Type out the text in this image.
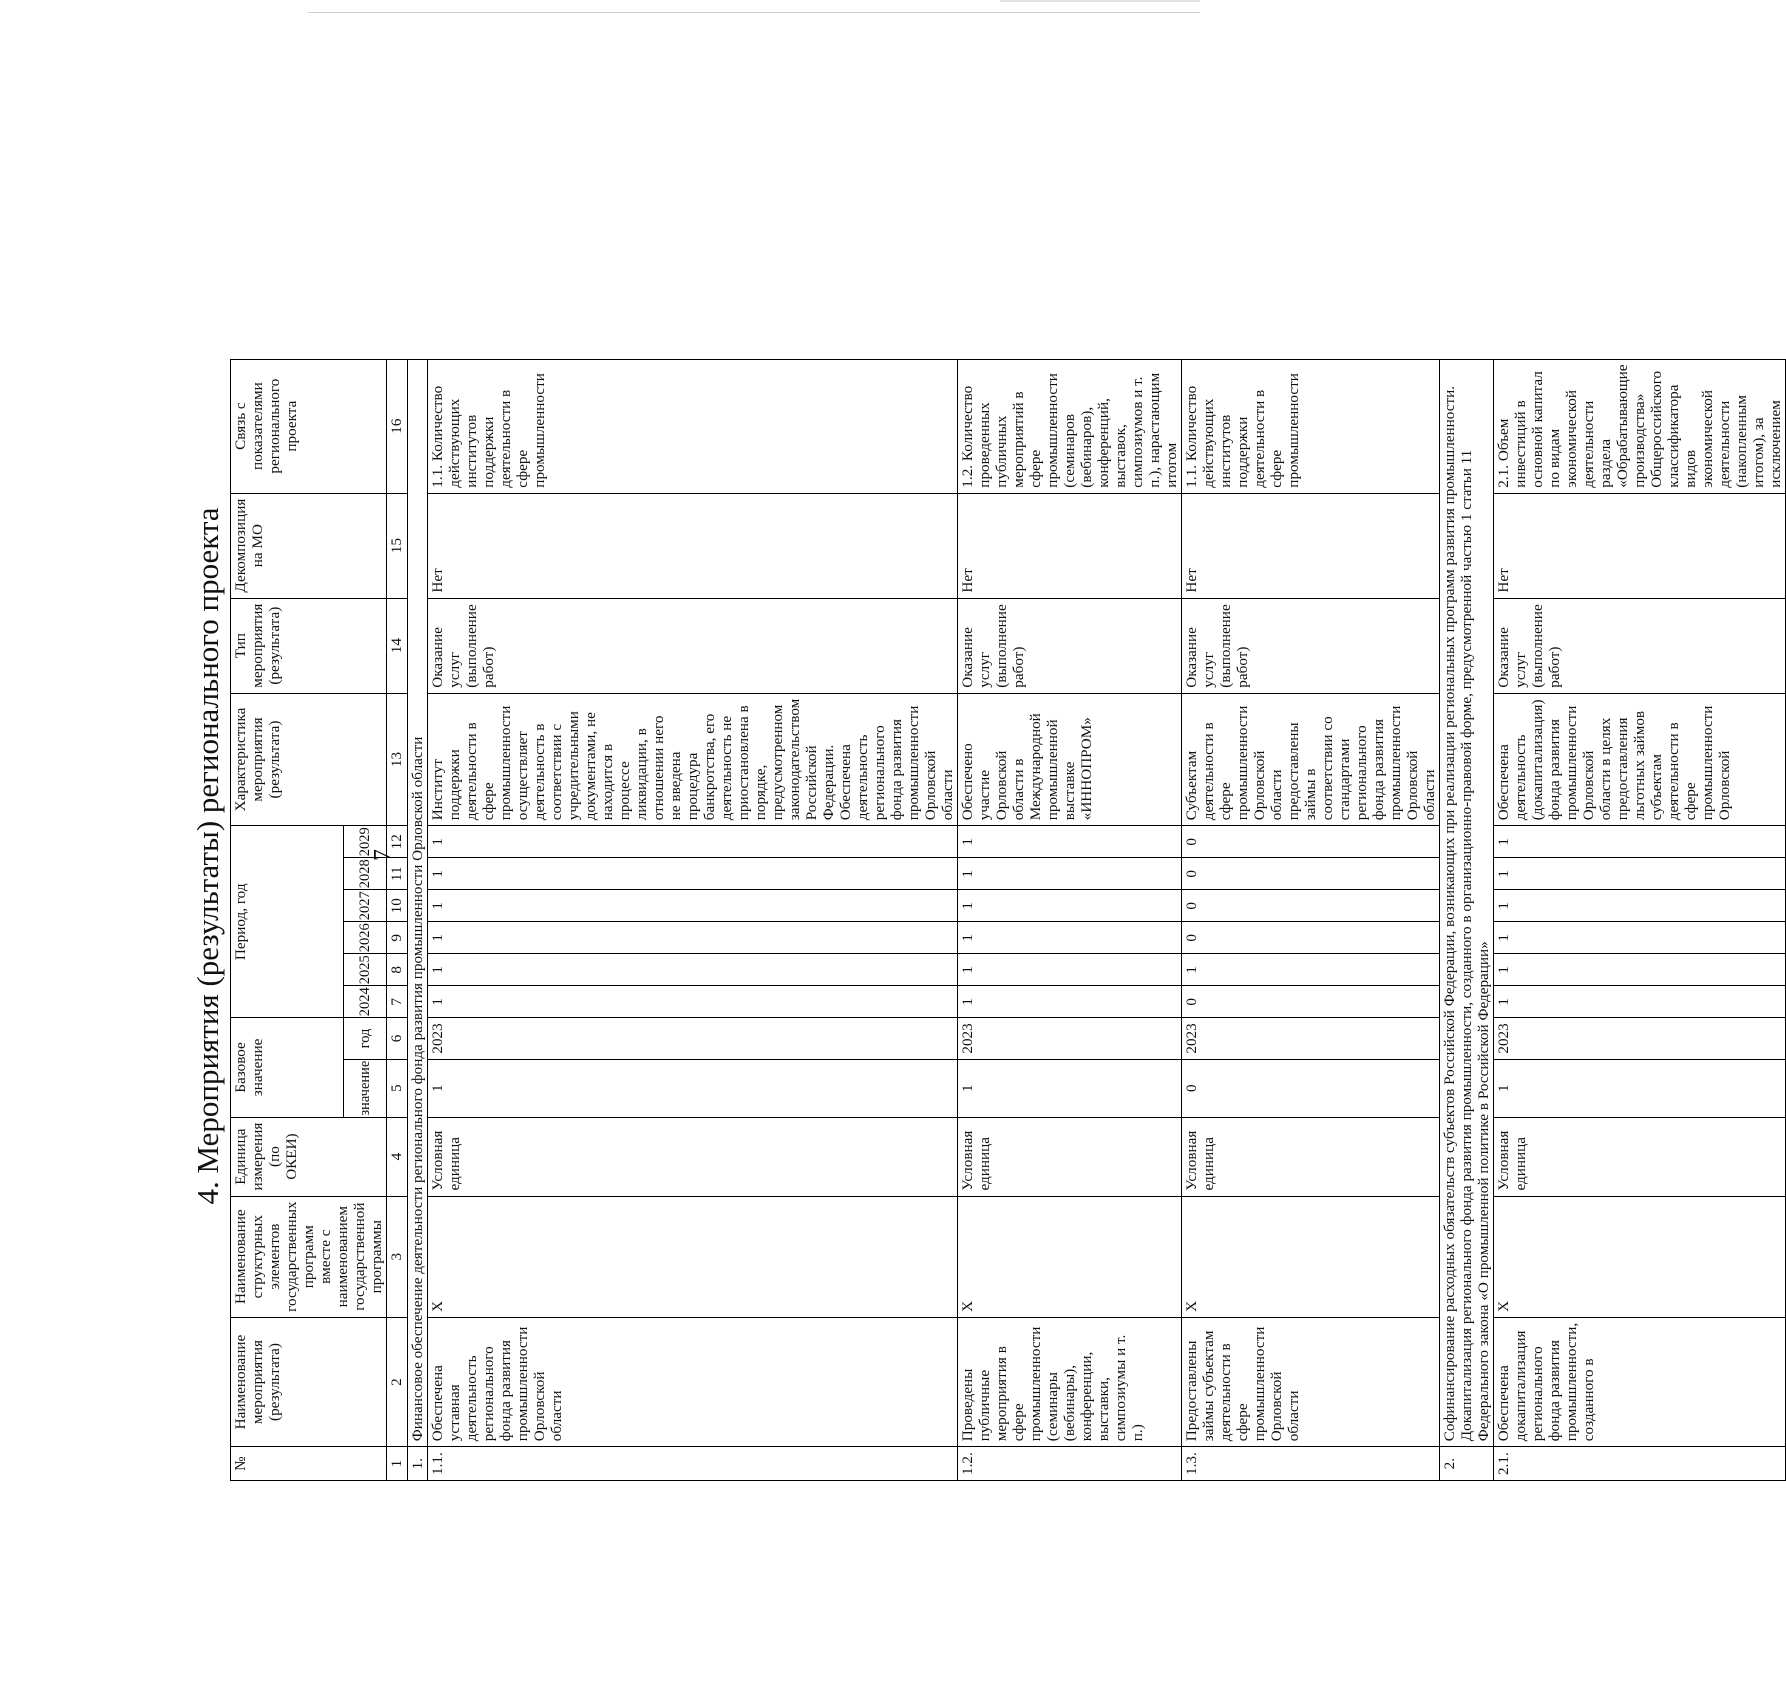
7
4. Мероприятия (результаты) регионального проекта
№	Наименование мероприятия (результата)	Наименование структурных элементов государственных программ вместе с наименованием государственной программы	Единица измерения (по ОКЕИ)	Базовое значение		Период, год						Характеристика мероприятия (результата)	Тип мероприятия (результата)	Декомпозиция на МО	Связь с показателями регионального проекта
				значение	год	2024	2025	2026	2027	2028	2029				
1	2	3	4	5	6	7	8	9	10	11	12	13	14	15	16
1.	Финансовое обеспечение деятельности регионального фонда развития промышленности Орловской области														
1.1.	Обеспечена уставная деятельность регионального фонда развития промышленности Орловской области	Х	Условная единица	1	2023	1	1	1	1	1	1	Институт поддержки деятельности в сфере промышленности осуществляет деятельность в соответствии с учредительными документами, не находится в процессе ликвидации, в отношении него не введена процедура банкротства, его деятельность не приостановлена в порядке, предусмотренном законодательством Российской Федерации. Обеспечена деятельность регионального фонда развития промышленности Орловской области	Оказание услуг (выполнение работ)	Нет	1.1. Количество действующих институтов поддержки деятельности в сфере промышленности
1.2.	Проведены публичные мероприятия в сфере промышленности (семинары (вебинары), конференции, выставки, симпозиумы и т. п.)	Х	Условная единица	1	2023	1	1	1	1	1	1	Обеспечено участие Орловской области в Международной промышленной выставке «ИННОПРОМ»	Оказание услуг (выполнение работ)	Нет	1.2. Количество проведенных публичных мероприятий в сфере промышленности (семинаров (вебинаров), конференций, выставок, симпозиумов и т. п.), нарастающим итогом
1.3.	Предоставлены займы субъектам деятельности в сфере промышленности Орловской области	Х	Условная единица	0	2023	0	1	0	0	0	0	Субъектам деятельности в сфере промышленности Орловской области предоставлены займы в соответствии со стандартами регионального фонда развития промышленности Орловской области	Оказание услуг (выполнение работ)	Нет	1.1. Количество действующих институтов поддержки деятельности в сфере промышленности
2.	Софинансирование расходных обязательств субъектов Российской Федерации, возникающих при реализации региональных программ развития промышленности. Докапитализация регионального фонда развития промышленности, созданного в организационно-правовой форме, предусмотренной частью 1 статьи 11 Федерального закона «О промышленной политике в Российской Федерации»														
2.1.	Обеспечена докапитализация регионального фонда развития промышленности, созданного в	Х	Условная единица	1	2023	1	1	1	1	1	1	Обеспечена деятельность (докапитализация) фонда развития промышленности Орловской области в целях предоставления льготных займов субъектам деятельности в сфере промышленности Орловской	Оказание услуг (выполнение работ)	Нет	2.1. Объем инвестиций в основной капитал по видам экономической деятельности раздела «Обрабатывающие производства» Общероссийского классификатора видов экономической деятельности (накопленным итогом), за исключением
